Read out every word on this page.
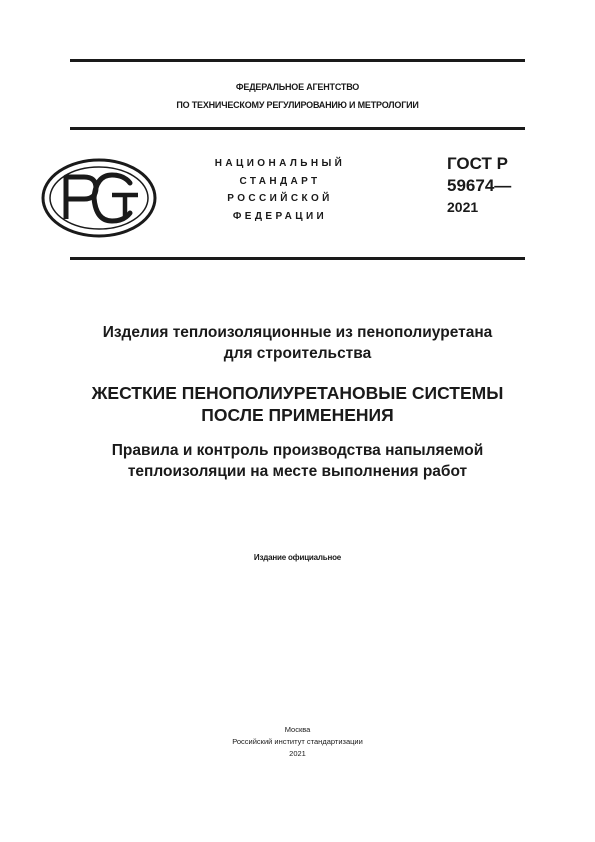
ФЕДЕРАЛЬНОЕ АГЕНТСТВО
ПО ТЕХНИЧЕСКОМУ РЕГУЛИРОВАНИЮ И МЕТРОЛОГИИ
НАЦИОНАЛЬНЫЙ
СТАНДАРТ
РОССИЙСКОЙ
ФЕДЕРАЦИИ
ГОСТ Р
59674—
2021
Изделия теплоизоляционные из пенополиуретана
для строительства
ЖЕСТКИЕ ПЕНОПОЛИУРЕТАНОВЫЕ СИСТЕМЫ
ПОСЛЕ ПРИМЕНЕНИЯ
Правила и контроль производства напыляемой
теплоизоляции на месте выполнения работ
Издание официальное
Москва
Российский институт стандартизации
2021
